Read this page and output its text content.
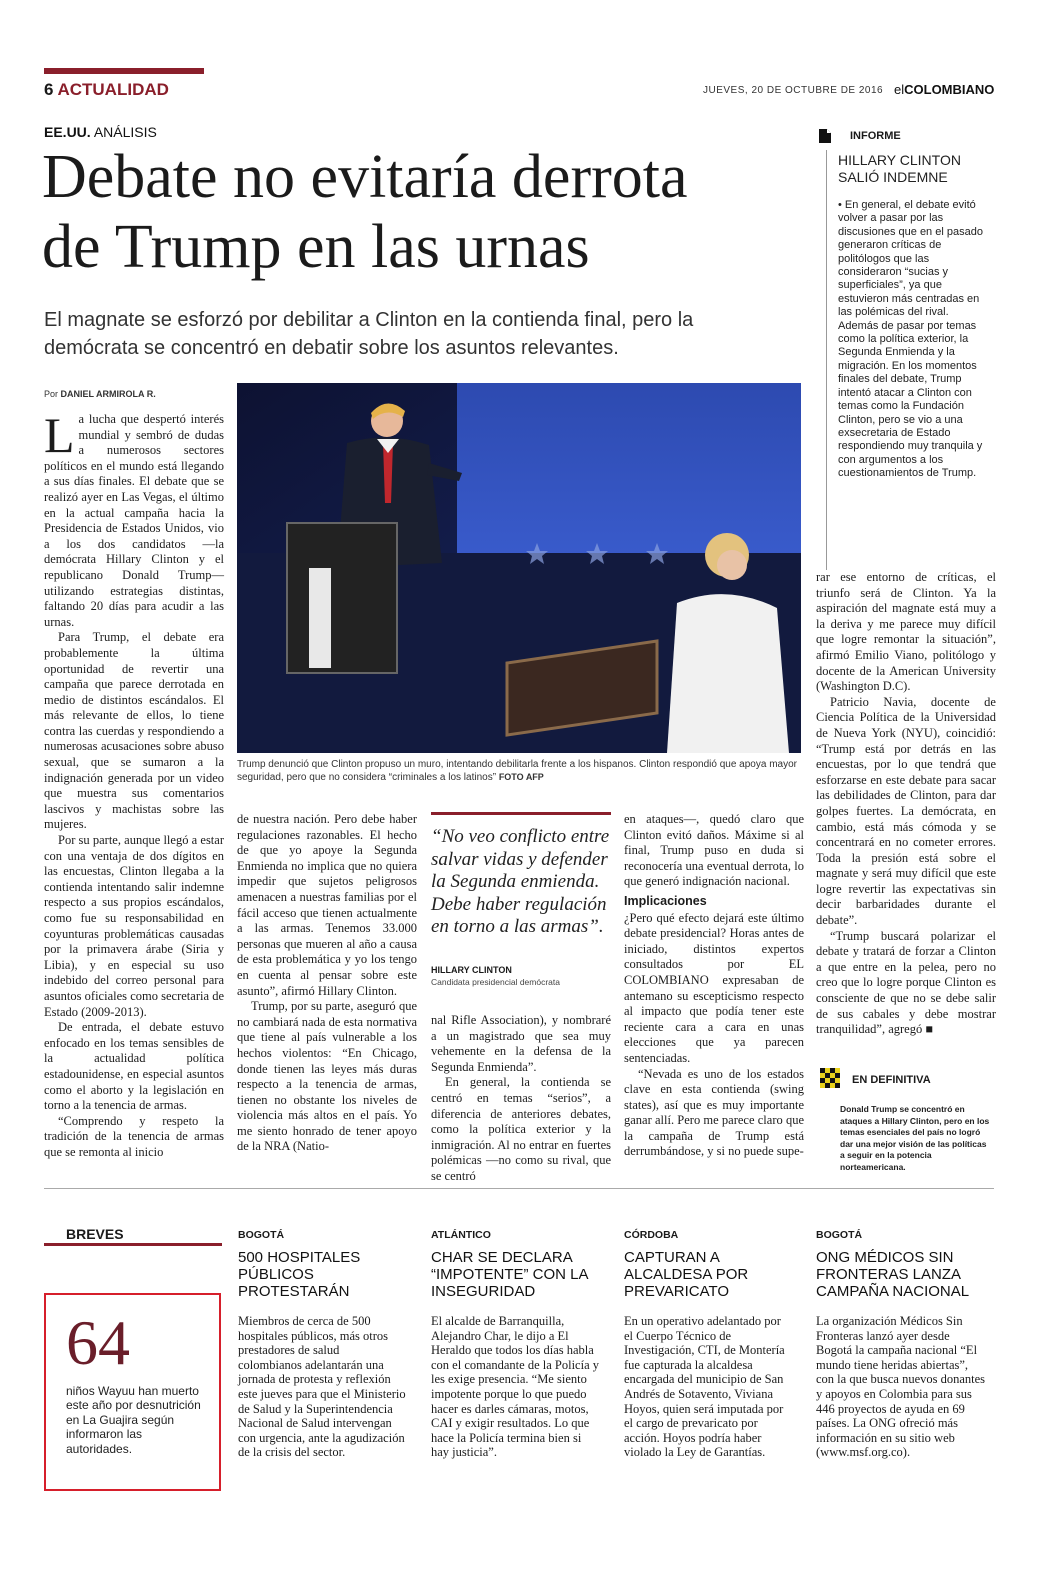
6 ACTUALIDAD	JUEVES, 20 DE OCTUBRE DE 2016 elCOLOMBIANO
EE.UU. ANÁLISIS
Debate no evitaría derrota
de Trump en las urnas
El magnate se esforzó por debilitar a Clinton en la contienda final, pero la
demócrata se concentró en debatir sobre los asuntos relevantes.
Por DANIEL ARMIROLA R.
Trump denunció que Clinton propuso un muro, intentando debilitarla frente a los hispanos. Clinton respondió que apoya mayor seguridad, pero que no considera “criminales a los latinos” FOTO AFP

La lucha que despertó interés mundial y sembró de dudas a numerosos sectores políticos en el mundo está llegando a sus días finales. El debate que se realizó ayer en Las Vegas, el último en la actual campaña hacia la Presidencia de Estados Unidos, vio a los dos candidatos —la demócrata Hillary Clinton y el republicano Donald Trump— utilizando estrategias distintas, faltando 20 días para acudir a las urnas.

Para Trump, el debate era probablemente la última oportunidad de revertir una campaña que parece derrotada en medio de distintos escándalos. El más relevante de ellos, lo tiene contra las cuerdas y respondiendo a numerosas acusaciones sobre abuso sexual, que se sumaron a la indignación generada por un video que muestra sus comentarios lascivos y machistas sobre las mujeres.

Por su parte, aunque llegó a estar con una ventaja de dos dígitos en las encuestas, Clinton llegaba a la contienda intentando salir indemne respecto a sus propios escándalos, como fue su responsabilidad en coyunturas problemáticas causadas por la primavera árabe (Siria y Libia), y en especial su uso indebido del correo personal para asuntos oficiales como secretaria de Estado (2009-2013).

De entrada, el debate estuvo enfocado en los temas sensibles de la actualidad política estadounidense, en especial asuntos como el aborto y la legislación en torno a la tenencia de armas.

“Comprendo y respeto la tradición de la tenencia de armas que se remonta al inicio

de nuestra nación. Pero debe haber regulaciones razonables. El hecho de que yo apoye la Segunda Enmienda no implica que no quiera impedir que sujetos peligrosos amenacen a nuestras familias por el fácil acceso que tienen actualmente a las armas. Tenemos 33.000 personas que mueren al año a causa de esta problemática y yo los tengo en cuenta al pensar sobre este asunto”, afirmó Hillary Clinton.

Trump, por su parte, aseguró que no cambiará nada de esta normativa que tiene al país vulnerable a los hechos violentos: “En Chicago, donde tienen las leyes más duras respecto a la tenencia de armas, tienen no obstante los niveles de violencia más altos en el país. Yo me siento honrado de tener apoyo de la NRA (Natio-

“No veo conflicto entre salvar vidas y defender la Segunda enmienda. Debe haber regulación en torno a las armas”.
HILLARY CLINTON
Candidata presidencial demócrata

nal Rifle Association), y nombraré a un magistrado que sea muy vehemente en la defensa de la Segunda Enmienda”.

En general, la contienda se centró en temas “serios”, a diferencia de anteriores debates, como la política exterior y la inmigración. Al no entrar en fuertes polémicas —no como su rival, que se centró

en ataques—, quedó claro que Clinton evitó daños. Máxime si al final, Trump puso en duda si reconocería una eventual derrota, lo que generó indignación nacional.

Implicaciones

¿Pero qué efecto dejará este último debate presidencial? Horas antes de iniciado, distintos expertos consultados por EL COLOMBIANO expresaban de antemano su escepticismo respecto al impacto que podía tener este reciente cara a cara en unas elecciones que ya parecen sentenciadas.

“Nevada es uno de los estados clave en esta contienda (swing states), así que es muy importante ganar allí. Pero me parece claro que la campaña de Trump está derrumbándose, y si no puede supe-

rar ese entorno de críticas, el triunfo será de Clinton. Ya la aspiración del magnate está muy a la deriva y me parece muy difícil que logre remontar la situación”, afirmó Emilio Viano, politólogo y docente de la American University (Washington D.C).

Patricio Navia, docente de Ciencia Política de la Universidad de Nueva York (NYU), coincidió: “Trump está por detrás en las encuestas, por lo que tendrá que esforzarse en este debate para sacar las debilidades de Clinton, para dar golpes fuertes. La demócrata, en cambio, está más cómoda y se concentrará en no cometer errores. Toda la presión está sobre el magnate y será muy difícil que este logre revertir las expectativas sin decir barbaridades durante el debate”.

“Trump buscará polarizar el debate y tratará de forzar a Clinton a que entre en la pelea, pero no creo que lo logre porque Clinton es consciente de que no se debe salir de sus cabales y debe mostrar tranquilidad”, agregó ■

INFORME
HILLARY CLINTON SALIÓ INDEMNE
• En general, el debate evitó volver a pasar por las discusiones que en el pasado generaron críticas de politólogos que las consideraron “sucias y superficiales”, ya que estuvieron más centradas en las polémicas del rival. Además de pasar por temas como la política exterior, la Segunda Enmienda y la migración. En los momentos finales del debate, Trump intentó atacar a Clinton con temas como la Fundación Clinton, pero se vio a una exsecretaria de Estado respondiendo muy tranquila y con argumentos a los cuestionamientos de Trump.
EN DEFINITIVA
Donald Trump se concentró en ataques a Hillary Clinton, pero en los temas esenciales del país no logró dar una mejor visión de las políticas a seguir en la potencia norteamericana.
BREVES
64
niños Wayuu han muerto este año por desnutrición en La Guajira según informaron las autoridades.
BOGOTÁ
500 HOSPITALES PÚBLICOS PROTESTARÁN
Miembros de cerca de 500 hospitales públicos, más otros prestadores de salud colombianos adelantarán una jornada de protesta y reflexión este jueves para que el Ministerio de Salud y la Superintendencia Nacional de Salud intervengan con urgencia, ante la agudización de la crisis del sector.
ATLÁNTICO
CHAR SE DECLARA “IMPOTENTE” CON LA INSEGURIDAD
El alcalde de Barranquilla, Alejandro Char, le dijo a El Heraldo que todos los días habla con el comandante de la Policía y les exige presencia. “Me siento impotente porque lo que puedo hacer es darles cámaras, motos, CAI y exigir resultados. Lo que hace la Policía termina bien si hay justicia”.
CÓRDOBA
CAPTURAN A ALCALDESA POR PREVARICATO
En un operativo adelantado por el Cuerpo Técnico de Investigación, CTI, de Montería fue capturada la alcaldesa encargada del municipio de San Andrés de Sotavento, Viviana Hoyos, quien será imputada por el cargo de prevaricato por acción. Hoyos podría haber violado la Ley de Garantías.
BOGOTÁ
ONG MÉDICOS SIN FRONTERAS LANZA CAMPAÑA NACIONAL
La organización Médicos Sin Fronteras lanzó ayer desde Bogotá la campaña nacional “El mundo tiene heridas abiertas”, con la que busca nuevos donantes y apoyos en Colombia para sus 446 proyectos de ayuda en 69 países. La ONG ofreció más información en su sitio web (www.msf.org.co).
